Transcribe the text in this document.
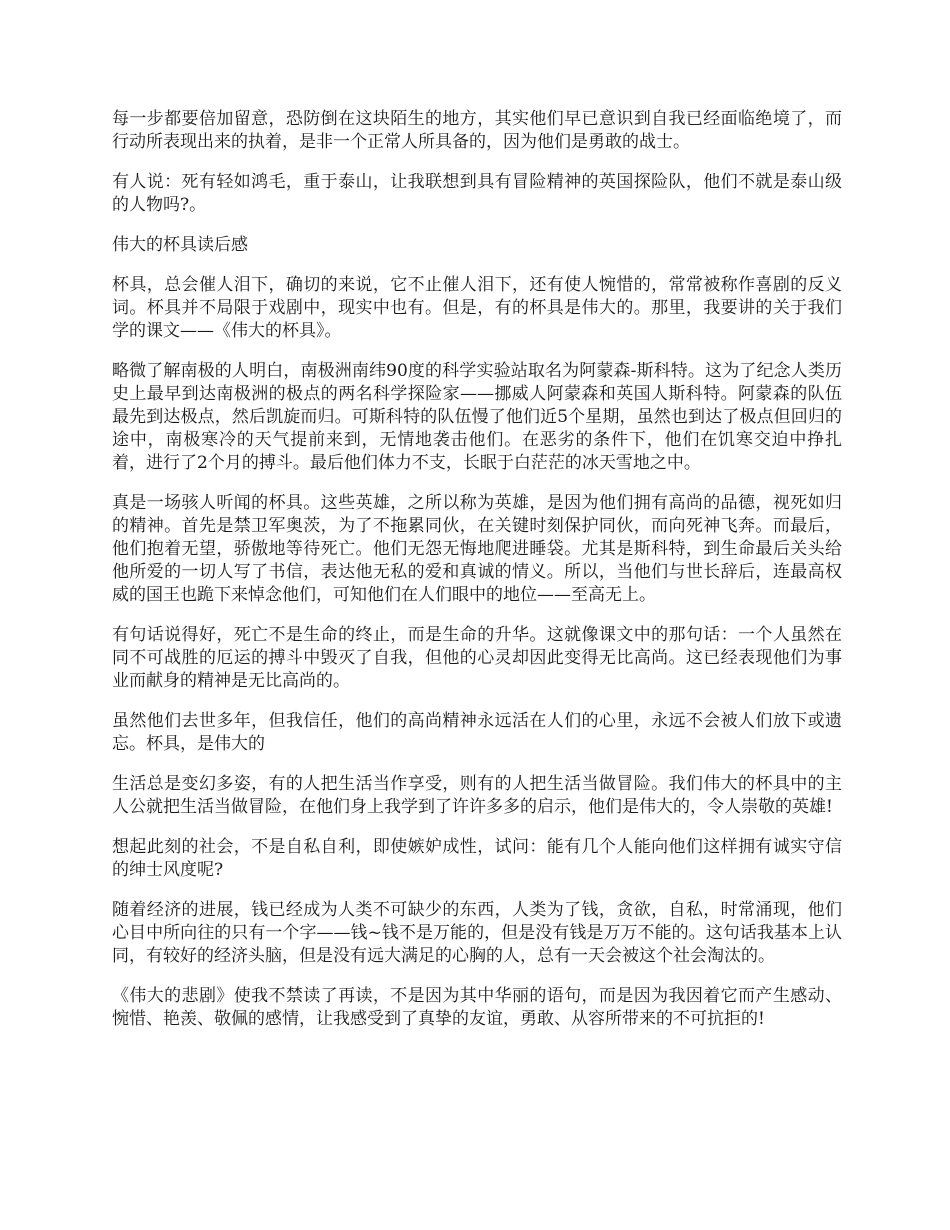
每一步都要倍加留意，恐防倒在这块陌生的地方，其实他们早已意识到自我已经面临绝境了，而行动所表现出来的执着，是非一个正常人所具备的，因为他们是勇敢的战士。

有人说：死有轻如鸿毛，重于泰山，让我联想到具有冒险精神的英国探险队，他们不就是泰山级的人物吗?。

伟大的杯具读后感

杯具，总会催人泪下，确切的来说，它不止催人泪下，还有使人惋惜的，常常被称作喜剧的反义词。杯具并不局限于戏剧中，现实中也有。但是，有的杯具是伟大的。那里，我要讲的关于我们学的课文——《伟大的杯具》。

略微了解南极的人明白，南极洲南纬90度的科学实验站取名为阿蒙森-斯科特。这为了纪念人类历史上最早到达南极洲的极点的两名科学探险家——挪威人阿蒙森和英国人斯科特。阿蒙森的队伍最先到达极点，然后凯旋而归。可斯科特的队伍慢了他们近5个星期，虽然也到达了极点但回归的途中，南极寒冷的天气提前来到，无情地袭击他们。在恶劣的条件下，他们在饥寒交迫中挣扎着，进行了2个月的搏斗。最后他们体力不支，长眠于白茫茫的冰天雪地之中。

真是一场骇人听闻的杯具。这些英雄，之所以称为英雄，是因为他们拥有高尚的品德，视死如归的精神。首先是禁卫军奥茨，为了不拖累同伙，在关键时刻保护同伙，而向死神飞奔。而最后，他们抱着无望，骄傲地等待死亡。他们无怨无悔地爬进睡袋。尤其是斯科特，到生命最后关头给他所爱的一切人写了书信，表达他无私的爱和真诚的情义。所以，当他们与世长辞后，连最高权威的国王也跪下来悼念他们，可知他们在人们眼中的地位——至高无上。

有句话说得好，死亡不是生命的终止，而是生命的升华。这就像课文中的那句话：一个人虽然在同不可战胜的厄运的搏斗中毁灭了自我，但他的心灵却因此变得无比高尚。这已经表现他们为事业而献身的精神是无比高尚的。

虽然他们去世多年，但我信任，他们的高尚精神永远活在人们的心里，永远不会被人们放下或遗忘。杯具，是伟大的

生活总是变幻多姿，有的人把生活当作享受，则有的人把生活当做冒险。我们伟大的杯具中的主人公就把生活当做冒险，在他们身上我学到了许许多多的启示，他们是伟大的，令人崇敬的英雄!

想起此刻的社会，不是自私自利，即使嫉妒成性，试问：能有几个人能向他们这样拥有诚实守信的绅士风度呢?

随着经济的进展，钱已经成为人类不可缺少的东西，人类为了钱，贪欲，自私，时常涌现，他们心目中所向往的只有一个字——钱~钱不是万能的，但是没有钱是万万不能的。这句话我基本上认同，有较好的经济头脑，但是没有远大满足的心胸的人，总有一天会被这个社会淘汰的。

《伟大的悲剧》使我不禁读了再读，不是因为其中华丽的语句，而是因为我因着它而产生感动、惋惜、艳羡、敬佩的感情，让我感受到了真挚的友谊，勇敢、从容所带来的不可抗拒的!
